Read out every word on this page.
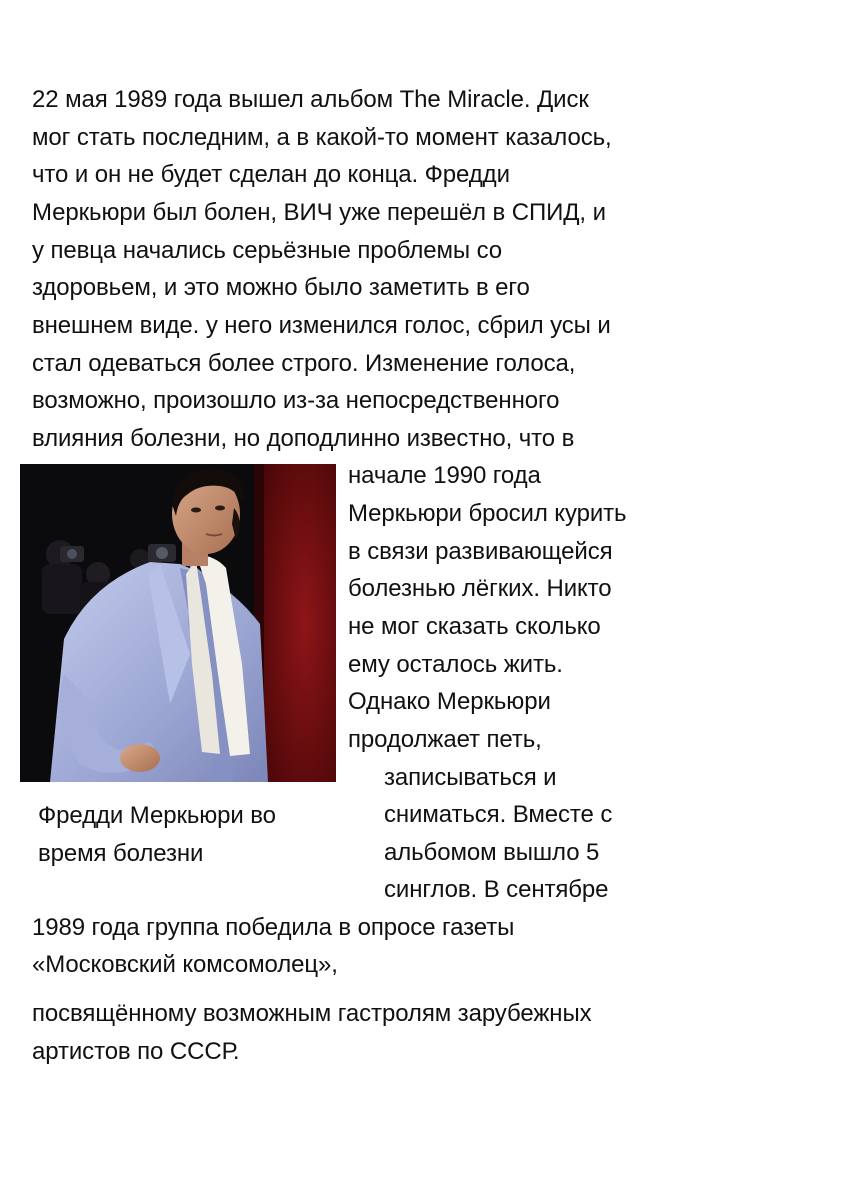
22 мая 1989 года вышел альбом The Miracle. Диск
мог стать последним, а в какой-то момент казалось,
что и он не будет сделан до конца. Фредди
Меркьюри был болен, ВИЧ уже перешёл в СПИД, и
у певца начались серьёзные проблемы со
здоровьем, и это можно было заметить в его
внешнем виде. у него изменился голос, сбрил усы и
стал одеваться более строго. Изменение голоса,
возможно, произошло из-за непосредственного
влияния болезни, но доподлинно известно, что в
начале 1990 года
Меркьюри бросил курить
в связи развивающейся
болезнью лёгких. Никто
не мог сказать сколько
ему осталось жить.
Однако Меркьюри
продолжает петь,
Фредди Меркьюри во
время болезни
записываться и
сниматься. Вместе с
альбомом вышло 5
синглов. В сентябре
1989 года группа победила в опросе газеты
«Московский комсомолец»,
посвящённому возможным гастролям зарубежных
артистов по СССР.
